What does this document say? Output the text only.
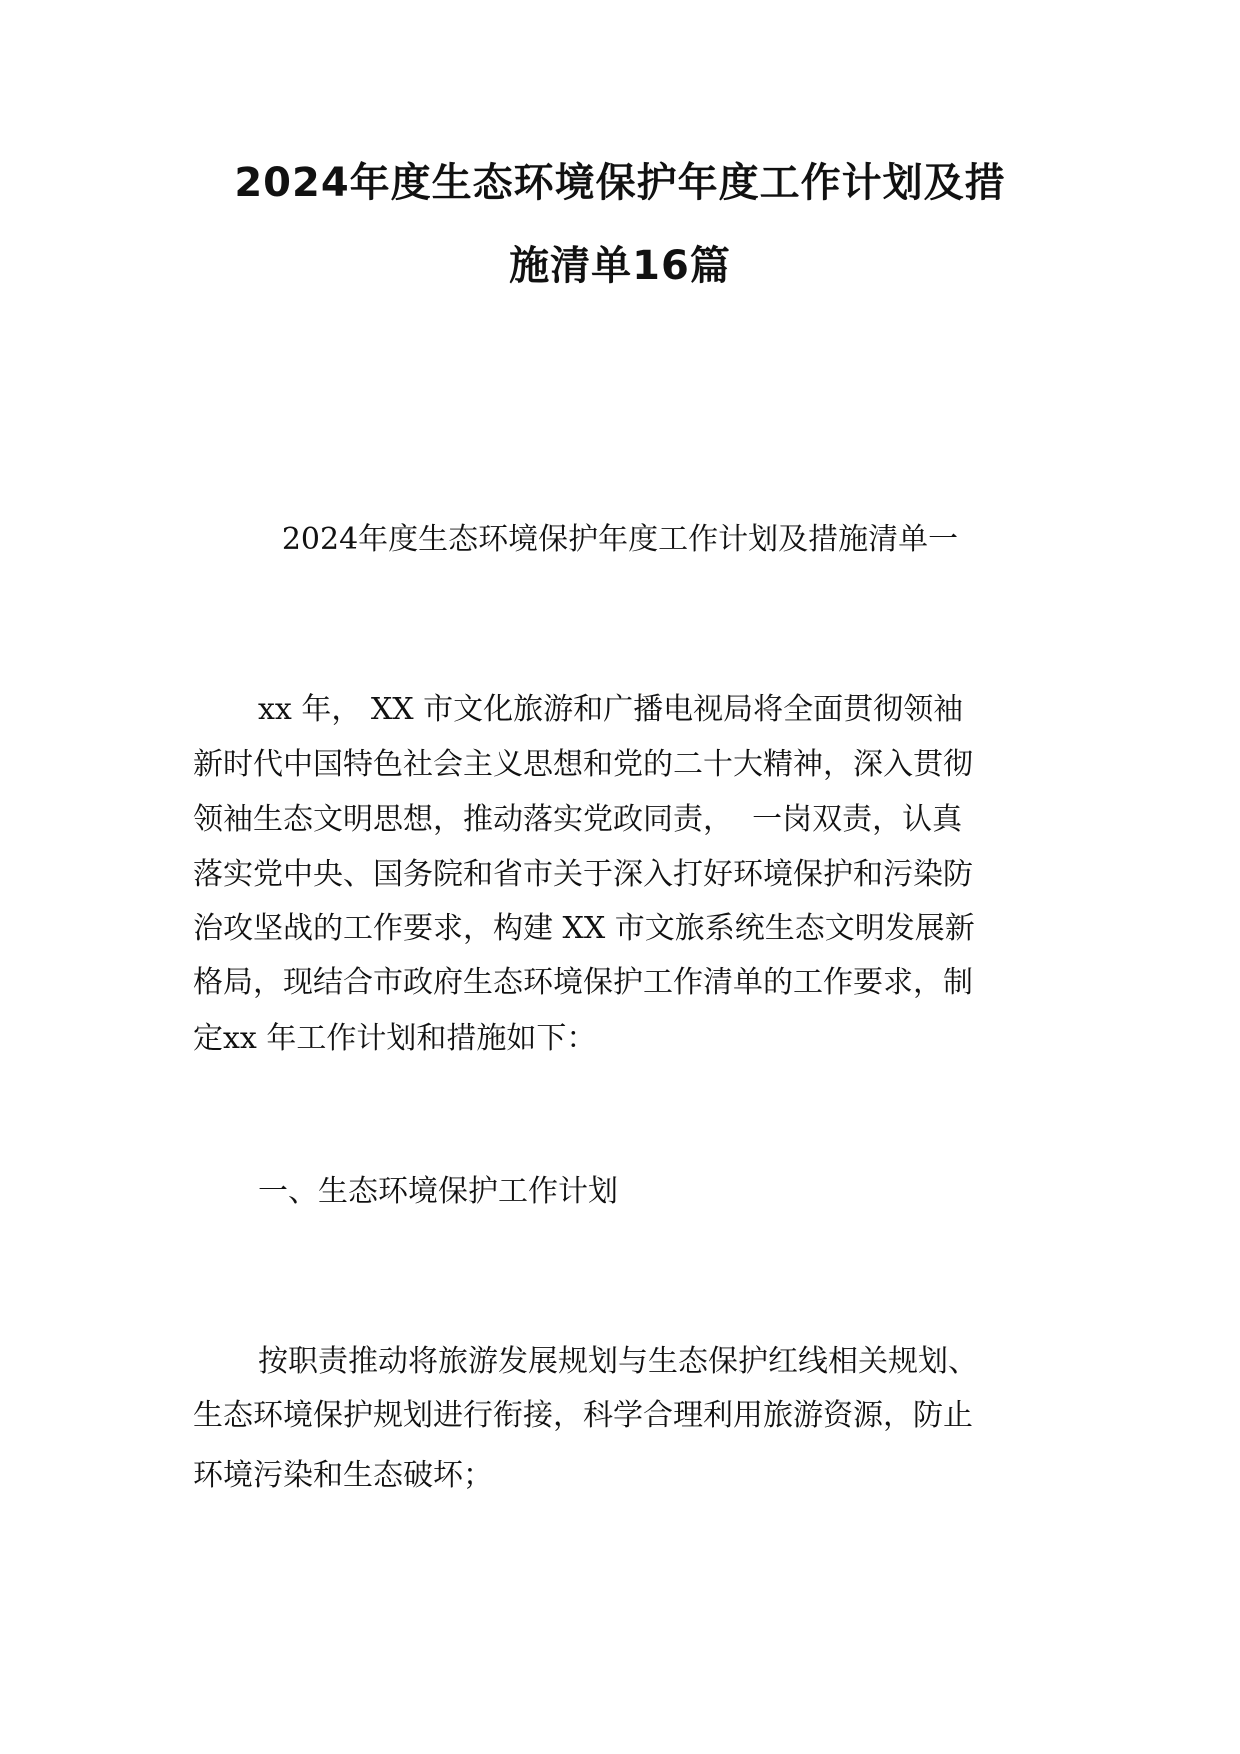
2024年度生态环境保护年度工作计划及措
施清单16篇

2024年度生态环境保护年度工作计划及措施清单一

xx 年， XX 市文化旅游和广播电视局将全面贯彻领袖

新时代中国特色社会主义思想和党的二十大精神，深入贯彻

领袖生态文明思想，推动落实党政同责，  一岗双责，认真

落实党中央、国务院和省市关于深入打好环境保护和污染防

治攻坚战的工作要求，构建 XX 市文旅系统生态文明发展新

格局，现结合市政府生态环境保护工作清单的工作要求，制

定xx 年工作计划和措施如下：

一、生态环境保护工作计划

按职责推动将旅游发展规划与生态保护红线相关规划、

生态环境保护规划进行衔接，科学合理利用旅游资源，防止

环境污染和生态破坏；
